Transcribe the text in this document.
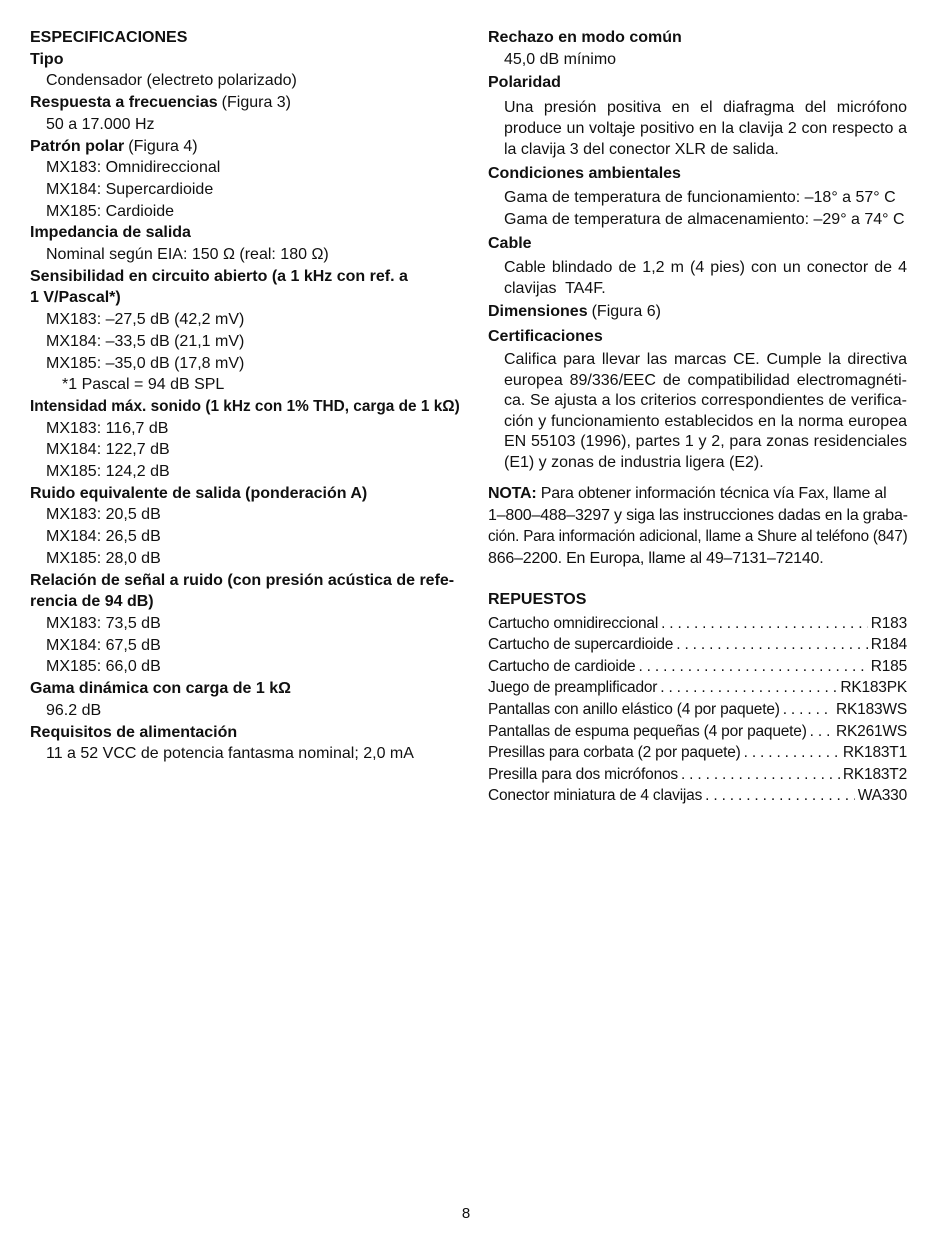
ESPECIFICACIONES
Tipo
Condensador (electreto polarizado)
Respuesta a frecuencias (Figura 3)
50 a 17.000 Hz
Patrón polar (Figura 4)
MX183: Omnidireccional
MX184: Supercardioide
MX185: Cardioide
Impedancia de salida
Nominal según EIA: 150 Ω (real: 180 Ω)
Sensibilidad en circuito abierto (a 1 kHz con ref. a
1 V/Pascal*)
MX183: –27,5 dB (42,2 mV)
MX184: –33,5 dB (21,1 mV)
MX185: –35,0 dB (17,8 mV)
*1 Pascal = 94 dB SPL
Intensidad máx. sonido (1 kHz con 1% THD, carga de 1 kΩ)
MX183: 116,7 dB
MX184: 122,7 dB
MX185: 124,2 dB
Ruido equivalente de salida (ponderación A)
MX183: 20,5 dB
MX184: 26,5 dB
MX185: 28,0 dB
Relación de señal a ruido (con presión acústica de refe-
rencia de 94 dB)
MX183: 73,5 dB
MX184: 67,5 dB
MX185: 66,0 dB
Gama dinámica con carga de 1 kΩ
96.2 dB
Requisitos de alimentación
11 a 52 VCC de potencia fantasma nominal; 2,0 mA
Rechazo en modo común
45,0 dB mínimo
Polaridad
Una presión positiva en el diafragma del micrófono
produce un voltaje positivo en la clavija 2 con respecto a
la clavija 3 del conector XLR de salida.
Condiciones ambientales
Gama de temperatura de funcionamiento: –18° a 57° C
Gama de temperatura de almacenamiento: –29° a 74° C
Cable
Cable blindado de 1,2 m (4 pies) con un conector de 4
clavijas  TA4F.
Dimensiones (Figura 6)
Certificaciones
Califica para llevar las marcas CE. Cumple la directiva
europea 89/336/EEC de compatibilidad electromagnéti-
ca. Se ajusta a los criterios correspondientes de verifica-
ción y funcionamiento establecidos en la norma europea
EN 55103 (1996), partes 1 y 2, para zonas residenciales
(E1) y zonas de industria ligera (E2).
NOTA: Para obtener información técnica vía Fax, llame al
1–800–488–3297 y siga las instrucciones dadas en la graba-
ción. Para información adicional, llame a Shure al teléfono (847)
866–2200. En Europa, llame al 49–7131–72140.
REPUESTOS
Cartucho omnidireccional . . .	R183
Cartucho de supercardioide . . .	R184
Cartucho de cardioide . . .	R185
Juego de preamplificador . . .	RK183PK
Pantallas con anillo elástico (4 por paquete) . . .	RK183WS
Pantallas de espuma pequeñas (4 por paquete) . . . RK261WS
Presillas para corbata (2 por paquete) . . .	RK183T1
Presilla para dos micrófonos . . .	RK183T2
Conector miniatura de 4 clavijas . . .	WA330
8
